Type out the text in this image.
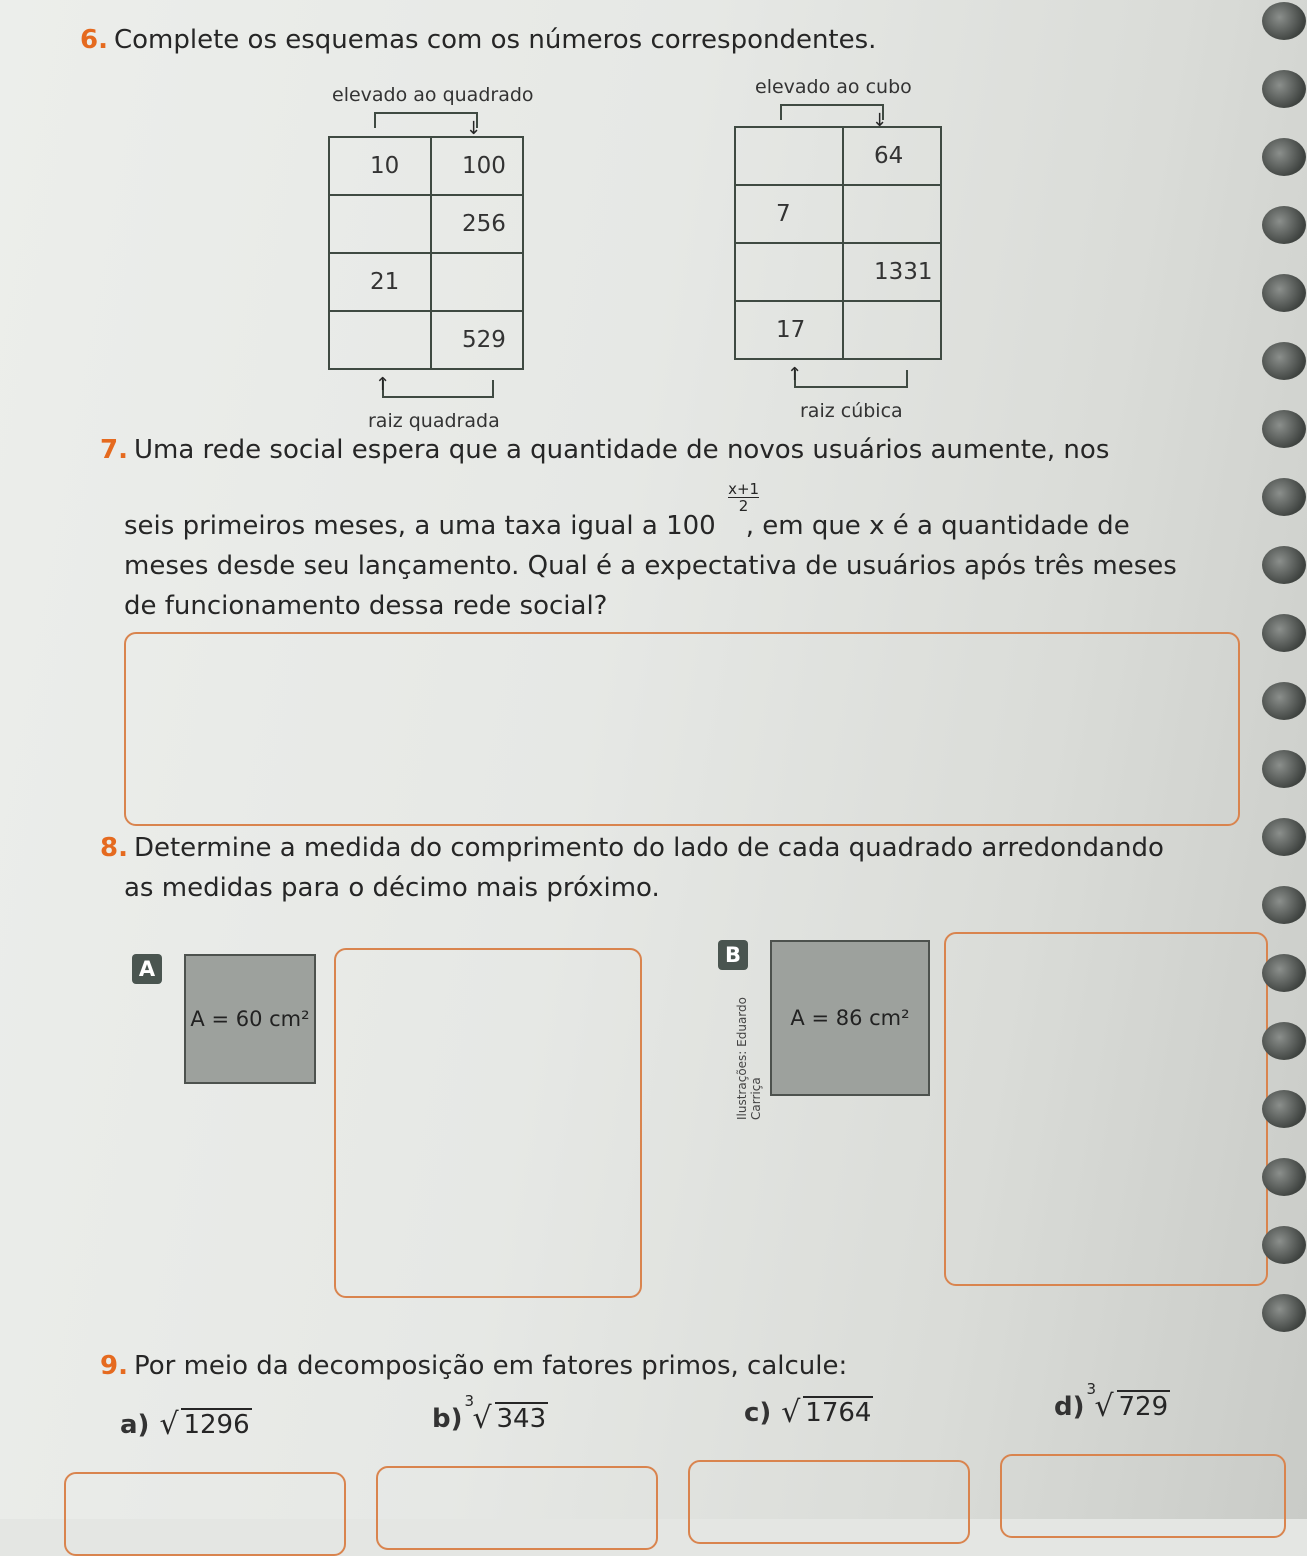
6. Complete os esquemas com os números correspondentes.
elevado ao quadrado
↓
10	100
	256
21	
	529
↑
raiz quadrada
elevado ao cubo
↓
	64
7	
	1331
17	
↑
raiz cúbica
7. Uma rede social espera que a quantidade de novos usuários aumente, nos
seis primeiros meses, a uma taxa igual a 100
$\frac{x+1}{2}$
, em que x é a quantidade de
meses desde seu lançamento. Qual é a expectativa de usuários após três meses
de funcionamento dessa rede social?
8. Determine a medida do comprimento do lado de cada quadrado arredondando
as medidas para o décimo mais próximo.
A
A = 60 cm²
B
Ilustrações: Eduardo Carriça
A = 86 cm²
9. Por meio da decomposição em fatores primos, calcule:
a) √ 1296	b) √
3
343	c) √ 1764	d) √
3
729
